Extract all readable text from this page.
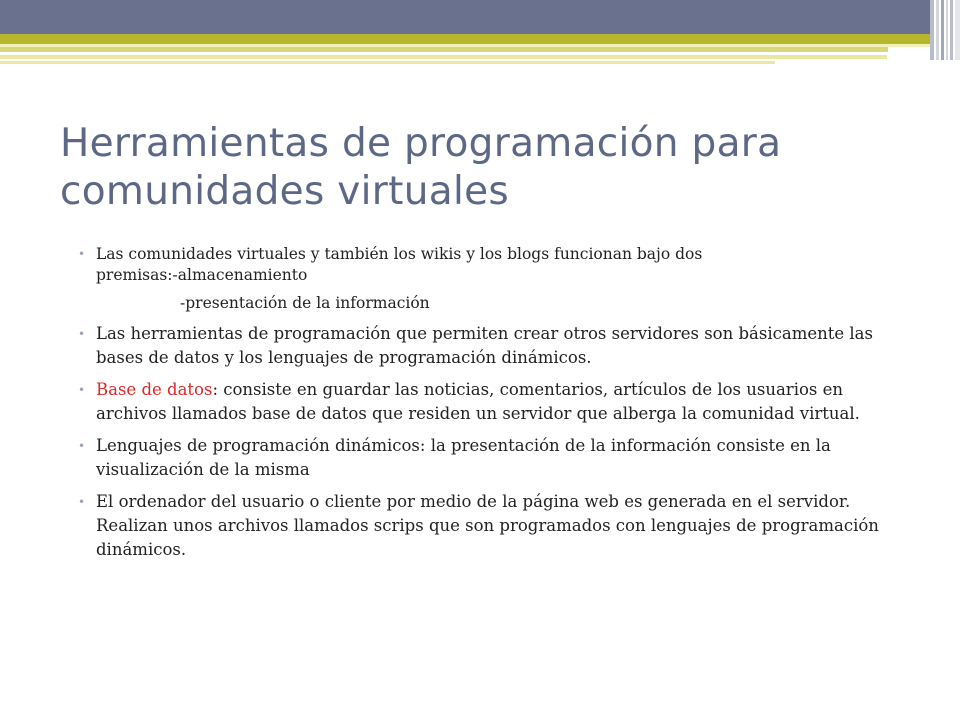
Herramientas de programación para
comunidades virtuales
• Las comunidades virtuales y también los wikis y los blogs funcionan bajo dos
premisas:-almacenamiento
-presentación de la información
• Las herramientas de programación que permiten crear otros servidores son básicamente las bases de datos y los lenguajes de programación dinámicos.
• Base de datos: consiste en guardar las noticias, comentarios, artículos de los usuarios en archivos llamados base de datos que residen un servidor que alberga la comunidad virtual.
• Lenguajes de programación dinámicos: la presentación de la información consiste en la visualización de la misma
• El ordenador del usuario o cliente por medio de la página web es generada en el servidor. Realizan unos archivos llamados scrips que son programados con lenguajes de programación dinámicos.
